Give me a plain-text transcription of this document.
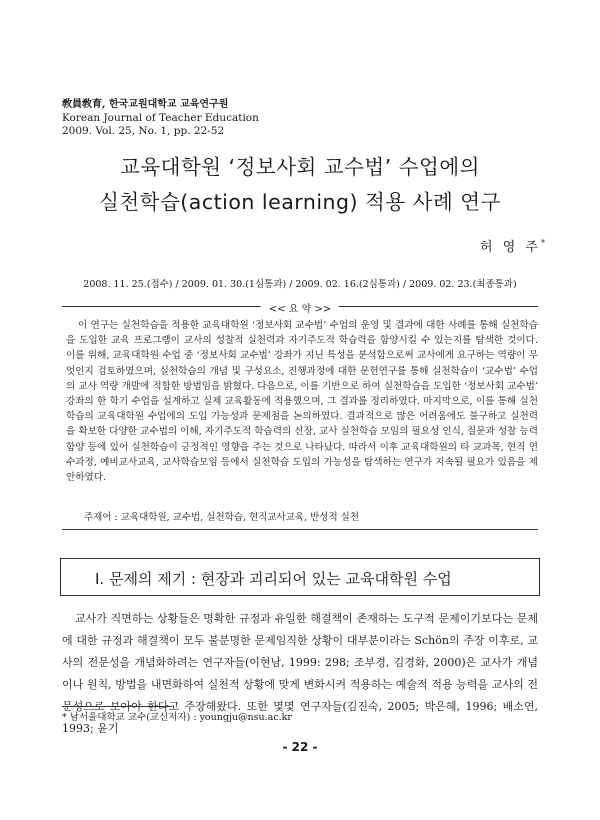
敎員敎育, 한국교원대학교 교육연구원
Korean Journal of Teacher Education
2009. Vol. 25, No. 1, pp. 22-52
교육대학원 ‘정보사회 교수법’ 수업에의
실천학습(action learning) 적용 사례 연구
허 영 주*
2008. 11. 25.(접수) / 2009. 01. 30.(1심통과) / 2009. 02. 16.(2심통과) / 2009. 02. 23.(최종통과)
<< 요 약 >>

이 연구는 실천학습을 적용한 교육대학원 ‘정보사회 교수법’ 수업의 운영 및 결과에 대한 사례를 통해 실천학습을 도입한 교육 프로그램이 교사의 성찰적 실천력과 자기주도적 학습력을 함양시킬 수 있는지를 탐색한 것이다. 이를 위해, 교육대학원 수업 중 ‘정보사회 교수법’ 강좌가 지닌 특성을 분석함으로써 교사에게 요구하는 역량이 무엇인지 검토하였으며, 실천학습의 개념 및 구성요소, 진행과정에 대한 문헌연구를 통해 실천학습이 ‘교수법’ 수업의 교사 역량 개발에 적합한 방법임을 밝혔다. 다음으로, 이를 기반으로 하여 실천학습을 도입한 ‘정보사회 교수법’ 강좌의 한 학기 수업을 설계하고 실제 교육활동에 적용했으며, 그 결과를 정리하였다. 마지막으로, 이를 통해 실천학습의 교육대학원 수업에의 도입 가능성과 문제점을 논의하였다. 결과적으로 많은 어려움에도 불구하고 실천력을 확보한 다양한 교수법의 이해, 자기주도적 학습력의 신장, 교사 실천학습 모임의 필요성 인식, 질문과 성찰 능력 함양 등에 있어 실천학습이 긍정적인 영향을 주는 것으로 나타났다. 따라서 이후 교육대학원의 타 교과목, 현직 연수과정, 예비교사교육, 교사학습모임 등에서 실천학습 도입의 가능성을 탐색하는 연구가 지속될 필요가 있음을 제안하였다.

주제어 : 교육대학원, 교수법, 실천학습, 현직교사교육, 반성적 실천
Ⅰ. 문제의 제기 : 현장과 괴리되어 있는 교육대학원 수업

교사가 직면하는 상황들은 명확한 규정과 유일한 해결책이 존재하는 도구적 문제이기보다는 문제에 대한 규정과 해결책이 모두 불분명한 문제임직한 상황이 대부분이라는 Schön의 주장 이후로, 교사의 전문성을 개념화하려는 연구자들(이현남, 1999: 298; 조부경, 김경화, 2000)은 교사가 개념이나 원칙, 방법을 내면화하여 실천적 상황에 맞게 변화시켜 적용하는 예술적 적용 능력을 교사의 전문성으로 보아야 한다고 주장해왔다. 또한 몇몇 연구자들(김진숙, 2005; 박은혜, 1996; 배소연, 1993; 윤기

* 남서울대학교 교수(교신저자) : youngju@nsu.ac.kr
- 22 -
